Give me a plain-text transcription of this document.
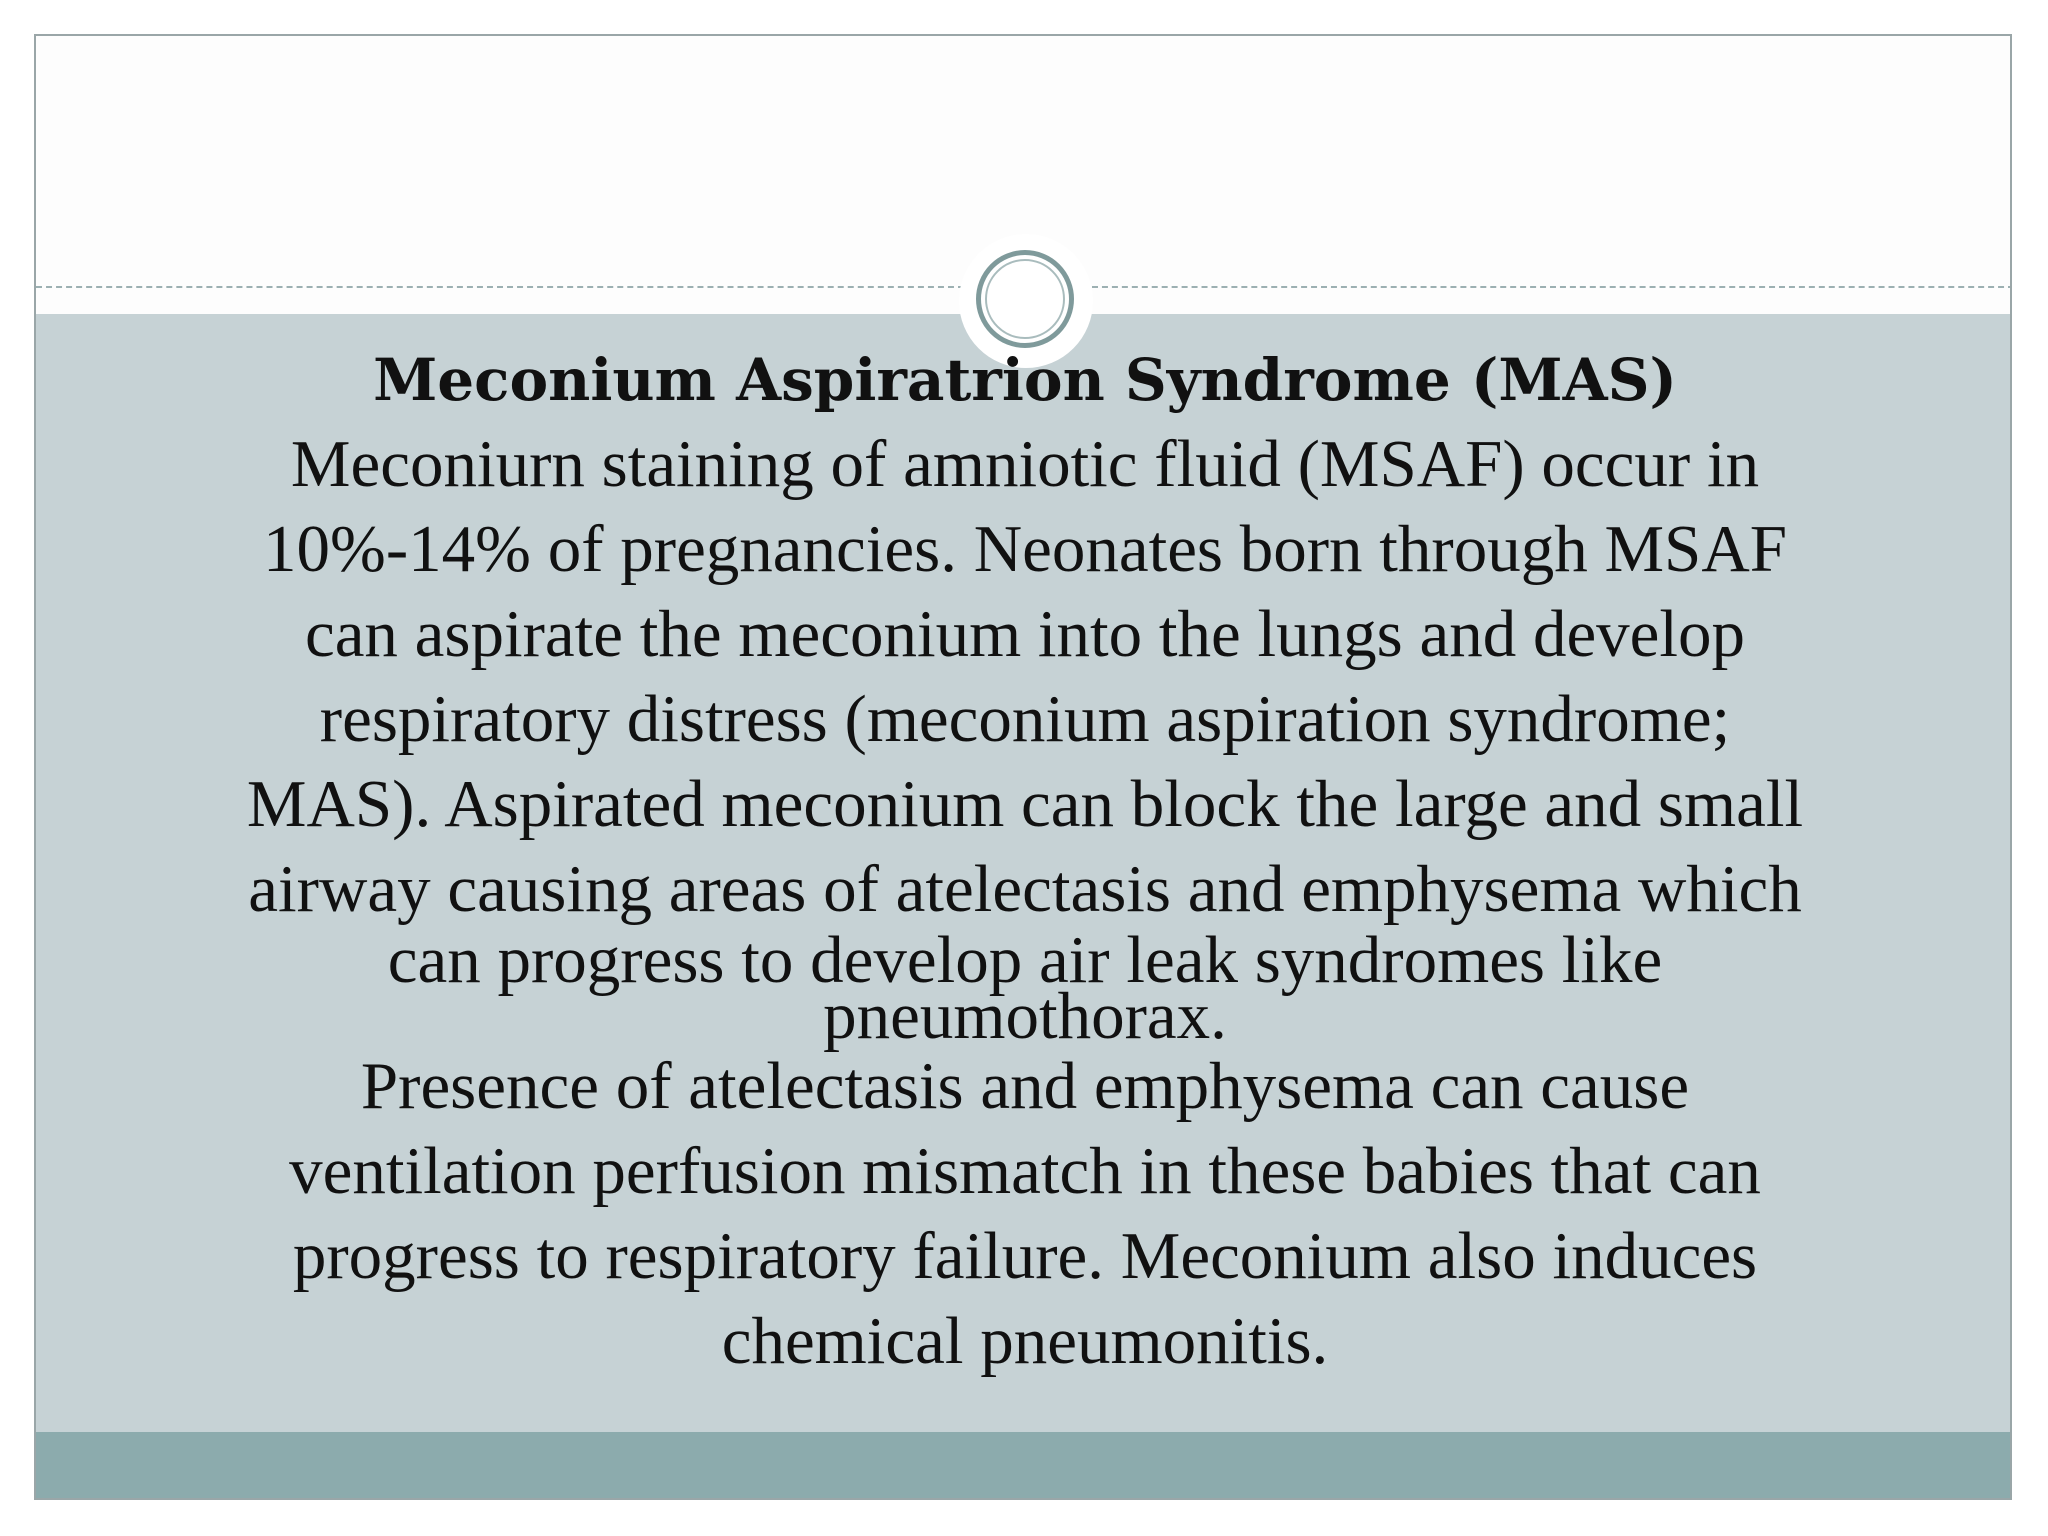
Meconium Aspiratrion Syndrome (MAS)

Meconiurn staining of amniotic fluid (MSAF) occur in
10%-14% of pregnancies. Neonates born through MSAF
can aspirate the meconium into the lungs and develop
respiratory distress (meconium aspiration syndrome;
MAS). Aspirated meconium can block the large and small
airway causing areas of atelectasis and emphysema which
can progress to develop air leak syndromes like
pneumothorax.

Presence of atelectasis and emphysema can cause
ventilation perfusion mismatch in these babies that can
progress to respiratory failure. Meconium also induces
chemical pneumonitis.
